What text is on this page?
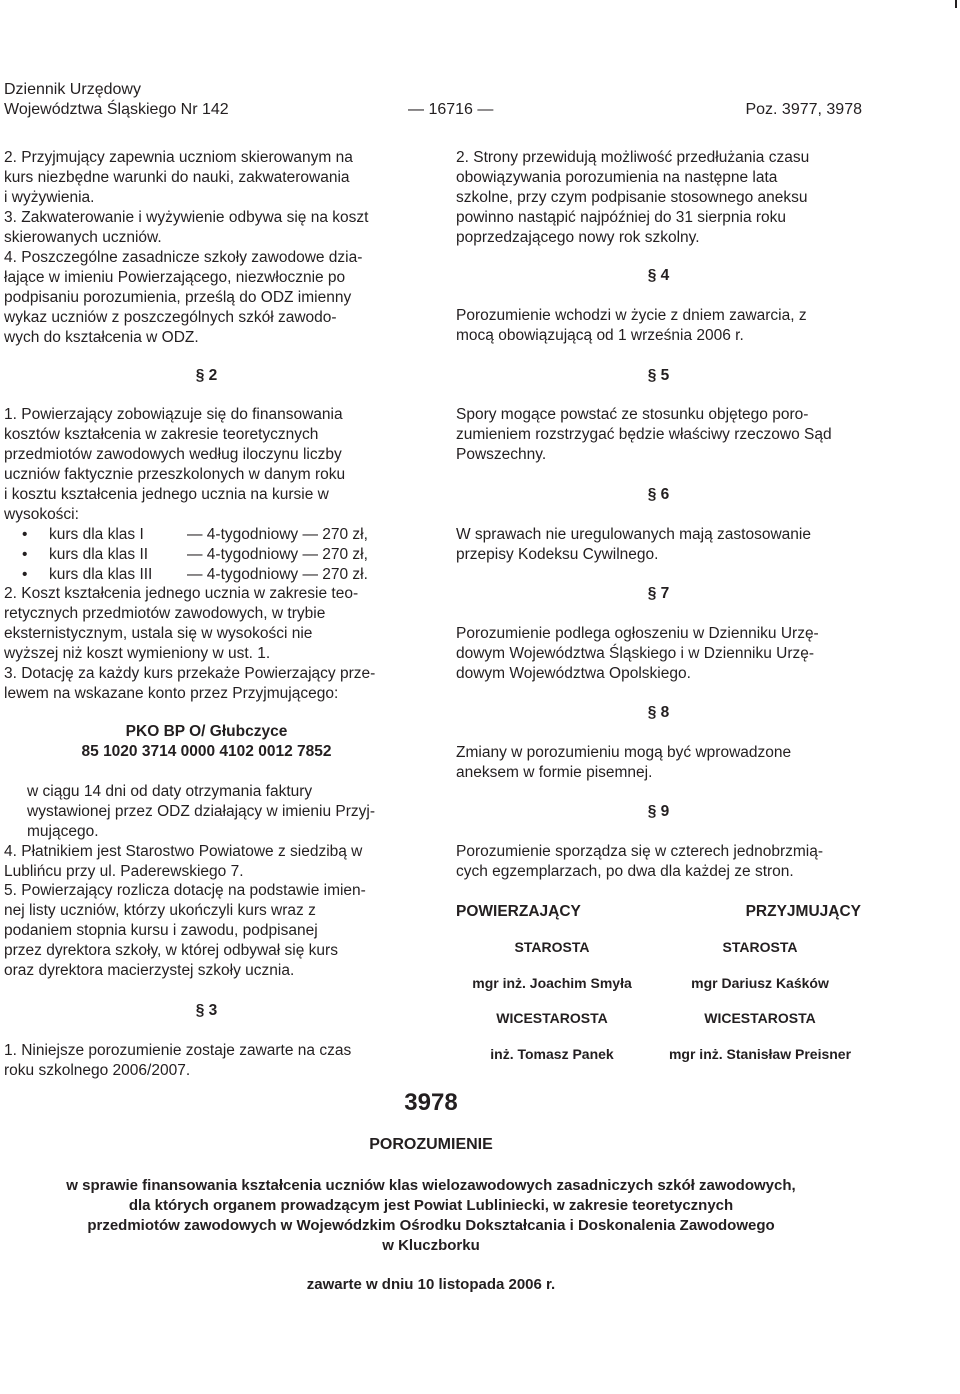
Dziennik Urzędowy
Województwa Śląskiego Nr 142	— 16716 —	Poz. 3977, 3978
2. Przyjmujący zapewnia uczniom skierowanym na
kurs niezbędne warunki do nauki, zakwaterowania
i wyżywienia.
3. Zakwaterowanie i wyżywienie odbywa się na koszt
skierowanych uczniów.
4. Poszczególne zasadnicze szkoły zawodowe dzia-
łające w imieniu Powierzającego, niezwłocznie po
podpisaniu porozumienia, prześlą do ODZ imienny
wykaz uczniów z poszczególnych szkół zawodo-
wych do kształcenia w ODZ.
§ 2
1. Powierzający zobowiązuje się do finansowania
kosztów kształcenia w zakresie teoretycznych
przedmiotów zawodowych według iloczynu liczby
uczniów faktycznie przeszkolonych w danym roku
i kosztu kształcenia jednego ucznia na kursie w
wysokości:
• kurs dla klas I	— 4-tygodniowy — 270 zł,
• kurs dla klas II	— 4-tygodniowy — 270 zł,
• kurs dla klas III — 4-tygodniowy — 270 zł.
2. Koszt kształcenia jednego ucznia w zakresie teo-
retycznych przedmiotów zawodowych, w trybie
eksternistycznym, ustala się w wysokości nie
wyższej niż koszt wymieniony w ust. 1.
3. Dotację za każdy kurs przekaże Powierzający prze-
lewem na wskazane konto przez Przyjmującego:
PKO BP O/ Głubczyce
85 1020 3714 0000 4102 0012 7852
w ciągu 14 dni od daty otrzymania faktury
wystawionej przez ODZ działający w imieniu Przyj-
mującego.
4. Płatnikiem jest Starostwo Powiatowe z siedzibą w
Lublińcu przy ul. Paderewskiego 7.
5. Powierzający rozlicza dotację na podstawie imien-
nej listy uczniów, którzy ukończyli kurs wraz z
podaniem stopnia kursu i zawodu, podpisanej
przez dyrektora szkoły, w której odbywał się kurs
oraz dyrektora macierzystej szkoły ucznia.
§ 3
1. Niniejsze porozumienie zostaje zawarte na czas
roku szkolnego 2006/2007.
2. Strony przewidują możliwość przedłużania czasu
obowiązywania porozumienia na następne lata
szkolne, przy czym podpisanie stosownego aneksu
powinno nastąpić najpóźniej do 31 sierpnia roku
poprzedzającego nowy rok szkolny.
§ 4
Porozumienie wchodzi w życie z dniem zawarcia, z
mocą obowiązującą od 1 września 2006 r.
§ 5
Spory mogące powstać ze stosunku objętego poro-
zumieniem rozstrzygać będzie właściwy rzeczowo Sąd
Powszechny.
§ 6
W sprawach nie uregulowanych mają zastosowanie
przepisy Kodeksu Cywilnego.
§ 7
Porozumienie podlega ogłoszeniu w Dzienniku Urzę-
dowym Województwa Śląskiego i w Dzienniku Urzę-
dowym Województwa Opolskiego.
§ 8
Zmiany w porozumieniu mogą być wprowadzone
aneksem w formie pisemnej.
§ 9
Porozumienie sporządza się w czterech jednobrzmią-
cych egzemplarzach, po dwa dla każdej ze stron.
POWIERZAJĄCY	PRZYJMUJĄCY
STAROSTA	STAROSTA
mgr inż. Joachim Smyła	mgr Dariusz Kaśków
WICESTAROSTA	WICESTAROSTA
inż. Tomasz Panek	mgr inż. Stanisław Preisner
3978
POROZUMIENIE
w sprawie finansowania kształcenia uczniów klas wielozawodowych zasadniczych szkół zawodowych,
dla których organem prowadzącym jest Powiat Lubliniecki, w zakresie teoretycznych
przedmiotów zawodowych w Wojewódzkim Ośrodku Dokształcania i Doskonalenia Zawodowego
w Kluczborku
zawarte w dniu 10 listopada 2006 r.
